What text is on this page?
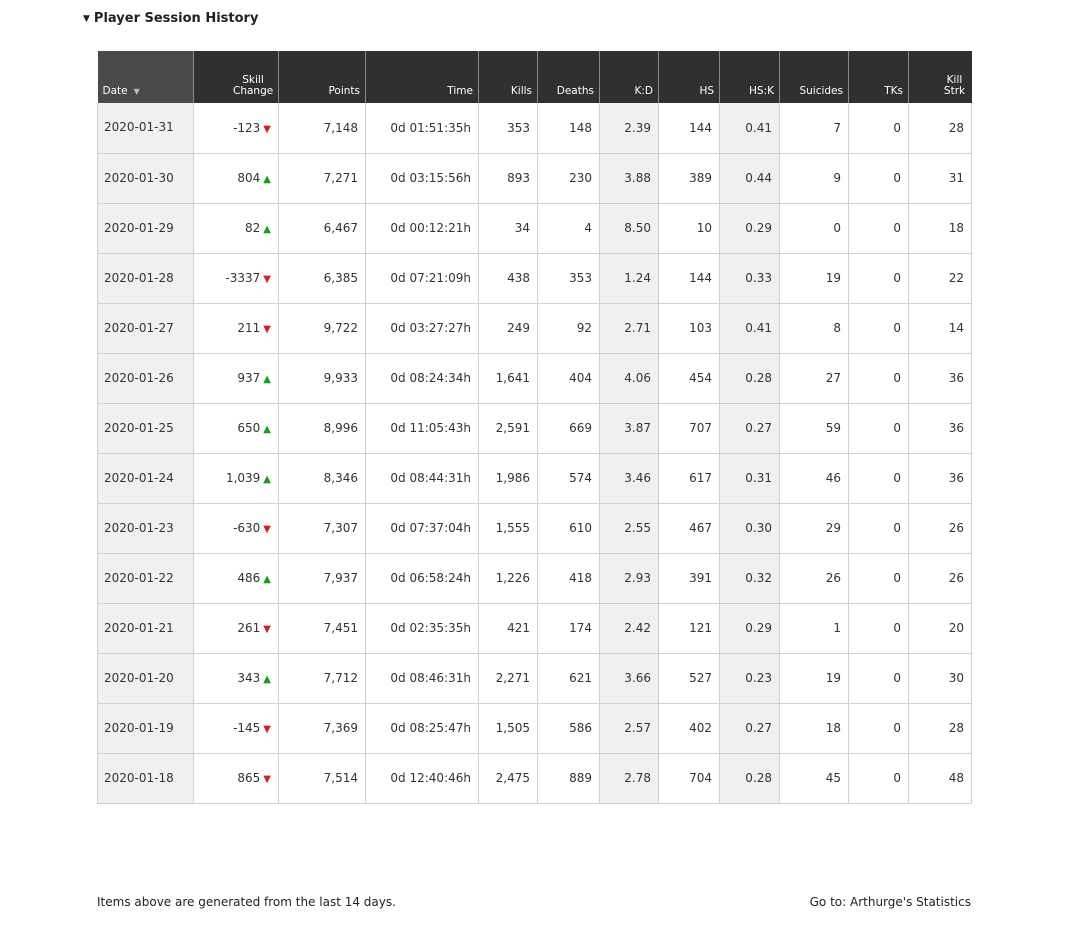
▼ Player Session History
Date ▼	Skill Change	Points	Time	Kills	Deaths	K:D	HS	HS:K	Suicides	TKs	Kill Strk
2020-01-31	-123 ▼	7,148	0d 01:51:35h	353	148	2.39	144	0.41	7	0	28
2020-01-30	804 ▲	7,271	0d 03:15:56h	893	230	3.88	389	0.44	9	0	31
2020-01-29	82 ▲	6,467	0d 00:12:21h	34	4	8.50	10	0.29	0	0	18
2020-01-28	-3337 ▼	6,385	0d 07:21:09h	438	353	1.24	144	0.33	19	0	22
2020-01-27	211 ▼	9,722	0d 03:27:27h	249	92	2.71	103	0.41	8	0	14
2020-01-26	937 ▲	9,933	0d 08:24:34h	1,641	404	4.06	454	0.28	27	0	36
2020-01-25	650 ▲	8,996	0d 11:05:43h	2,591	669	3.87	707	0.27	59	0	36
2020-01-24	1,039 ▲	8,346	0d 08:44:31h	1,986	574	3.46	617	0.31	46	0	36
2020-01-23	-630 ▼	7,307	0d 07:37:04h	1,555	610	2.55	467	0.30	29	0	26
2020-01-22	486 ▲	7,937	0d 06:58:24h	1,226	418	2.93	391	0.32	26	0	26
2020-01-21	261 ▼	7,451	0d 02:35:35h	421	174	2.42	121	0.29	1	0	20
2020-01-20	343 ▲	7,712	0d 08:46:31h	2,271	621	3.66	527	0.23	19	0	30
2020-01-19	-145 ▼	7,369	0d 08:25:47h	1,505	586	2.57	402	0.27	18	0	28
2020-01-18	865 ▼	7,514	0d 12:40:46h	2,475	889	2.78	704	0.28	45	0	48
Items above are generated from the last 14 days.	Go to: Arthurge's Statistics
